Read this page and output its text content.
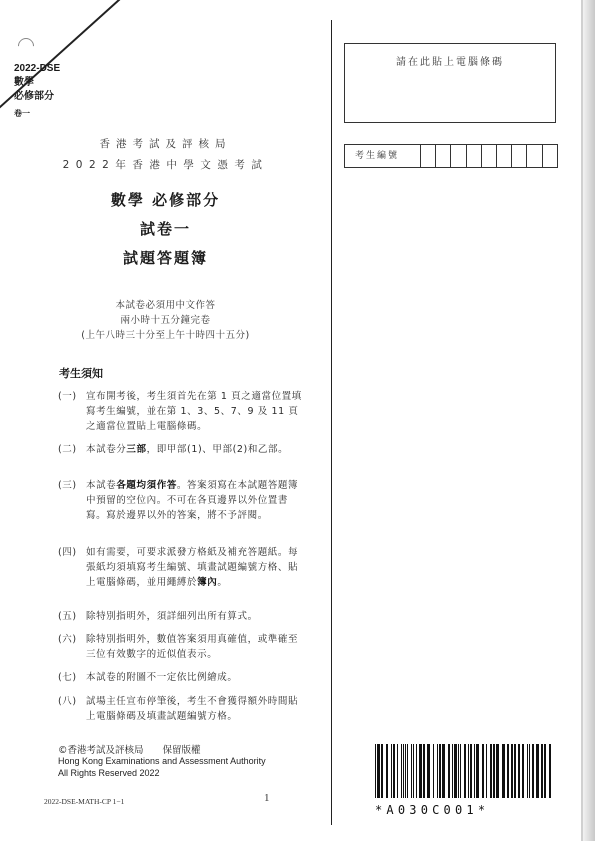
2022-DSE
數學
必修部分
卷一
香港考試及評核局
2022年香港中學文憑考試
數學 必修部分
試卷一
試題答題簿
本試卷必須用中文作答
兩小時十五分鐘完卷
(上午八時三十分至上午十時四十五分)
考生須知
(一) 宣布開考後，考生須首先在第 1 頁之適當位置填寫考生編號，並在第 1、3、5、7、9 及 11 頁之適當位置貼上電腦條碼。
(二) 本試卷分三部，即甲部(1)、甲部(2)和乙部。
(三) 本試卷各題均須作答。答案須寫在本試題答題簿中預留的空位內。不可在各頁邊界以外位置書寫。寫於邊界以外的答案，將不予評閱。
(四) 如有需要，可要求派發方格紙及補充答題紙。每張紙均須填寫考生編號、填畫試題編號方格、貼上電腦條碼，並用繩縛於簿內。
(五) 除特別指明外，須詳細列出所有算式。
(六) 除特別指明外，數值答案須用真確值，或準確至三位有效數字的近似值表示。
(七) 本試卷的附圖不一定依比例繪成。
(八) 試場主任宣布停筆後，考生不會獲得額外時間貼上電腦條碼及填畫試題編號方格。
©香港考試及評核局　　保留版權
Hong Kong Examinations and Assessment Authority
All Rights Reserved 2022
2022-DSE-MATH-CP 1−1	1
請在此貼上電腦條碼
考生編號
*A030C001*
